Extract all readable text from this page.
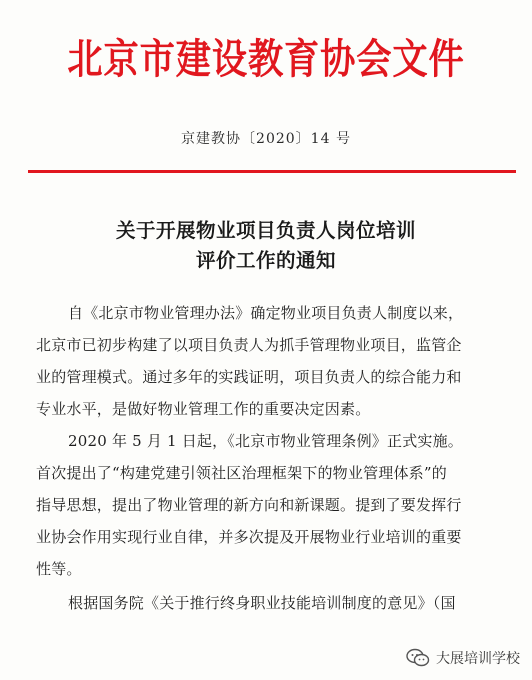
北京市建设教育协会文件
京建教协〔2020〕14 号
关于开展物业项目负责人岗位培训
评价工作的通知
自《北京市物业管理办法》确定物业项目负责人制度以来，
北京市已初步构建了以项目负责人为抓手管理物业项目，监管企
业的管理模式。通过多年的实践证明，项目负责人的综合能力和
专业水平，是做好物业管理工作的重要决定因素。
2020 年 5 月 1 日起，《北京市物业管理条例》正式实施。
首次提出了“构建党建引领社区治理框架下的物业管理体系”的
指导思想，提出了物业管理的新方向和新课题。提到了要发挥行
业协会作用实现行业自律，并多次提及开展物业行业培训的重要
性等。
根据国务院《关于推行终身职业技能培训制度的意见》（国
大展培训学校
